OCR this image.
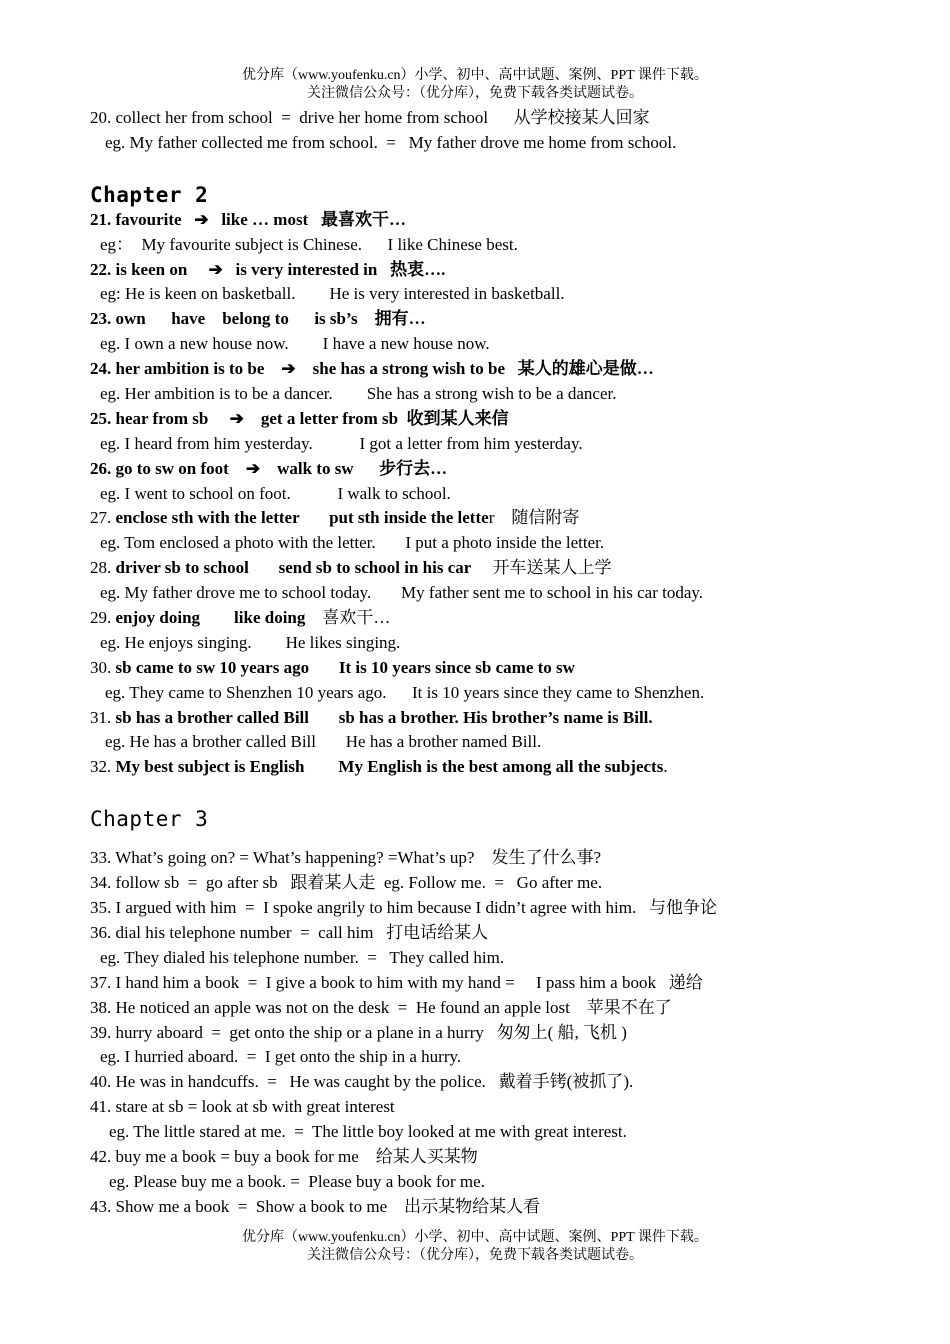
优分库（www.youfenku.cn）小学、初中、高中试题、案例、PPT 课件下载。
关注微信公众号：（优分库），免费下载各类试题试卷。
20. collect her from school  =  drive her home from school      从学校接某人回家
eg. My father collected me from school.  =   My father drove me home from school.
Chapter 2
21. favourite   ➔   like … most   最喜欢干…
eg：  My favourite subject is Chinese.      I like Chinese best.
22. is keen on     ➔   is very interested in   热衷….
eg: He is keen on basketball.        He is very interested in basketball.
23. own      have    belong to      is sb’s    拥有…
eg. I own a new house now.        I have a new house now.
24. her ambition is to be    ➔    she has a strong wish to be   某人的雄心是做…
eg. Her ambition is to be a dancer.        She has a strong wish to be a dancer.
25. hear from sb     ➔    get a letter from sb  收到某人来信
eg. I heard from him yesterday.           I got a letter from him yesterday.
26. go to sw on foot    ➔    walk to sw      步行去…
eg. I went to school on foot.           I walk to school.
27. enclose sth with the letter       put sth inside the letter    随信附寄
eg. Tom enclosed a photo with the letter.       I put a photo inside the letter.
28. driver sb to school       send sb to school in his car     开车送某人上学
eg. My father drove me to school today.       My father sent me to school in his car today.
29. enjoy doing        like doing    喜欢干…
eg. He enjoys singing.        He likes singing.
30. sb came to sw 10 years ago       It is 10 years since sb came to sw
eg. They came to Shenzhen 10 years ago.      It is 10 years since they came to Shenzhen.
31. sb has a brother called Bill       sb has a brother. His brother’s name is Bill.
eg. He has a brother called Bill       He has a brother named Bill.
32. My best subject is English        My English is the best among all the subjects.
Chapter 3
33. What’s going on? = What’s happening? =What’s up?    发生了什么事?
34. follow sb  =  go after sb   跟着某人走  eg. Follow me.  =   Go after me.
35. I argued with him  =  I spoke angrily to him because I didn’t agree with him.   与他争论
36. dial his telephone number  =  call him   打电话给某人
eg. They dialed his telephone number.  =   They called him.
37. I hand him a book  =  I give a book to him with my hand =     I pass him a book   递给
38. He noticed an apple was not on the desk  =  He found an apple lost    苹果不在了
39. hurry aboard  =  get onto the ship or a plane in a hurry   匆匆上( 船, 飞机 )
eg. I hurried aboard.  =  I get onto the ship in a hurry.
40. He was in handcuffs.  =   He was caught by the police.   戴着手铐(被抓了).
41. stare at sb = look at sb with great interest
eg. The little stared at me.  =  The little boy looked at me with great interest.
42. buy me a book = buy a book for me    给某人买某物
eg. Please buy me a book. =  Please buy a book for me.
43. Show me a book  =  Show a book to me    出示某物给某人看
优分库（www.youfenku.cn）小学、初中、高中试题、案例、PPT 课件下载。
关注微信公众号：（优分库），免费下载各类试题试卷。
